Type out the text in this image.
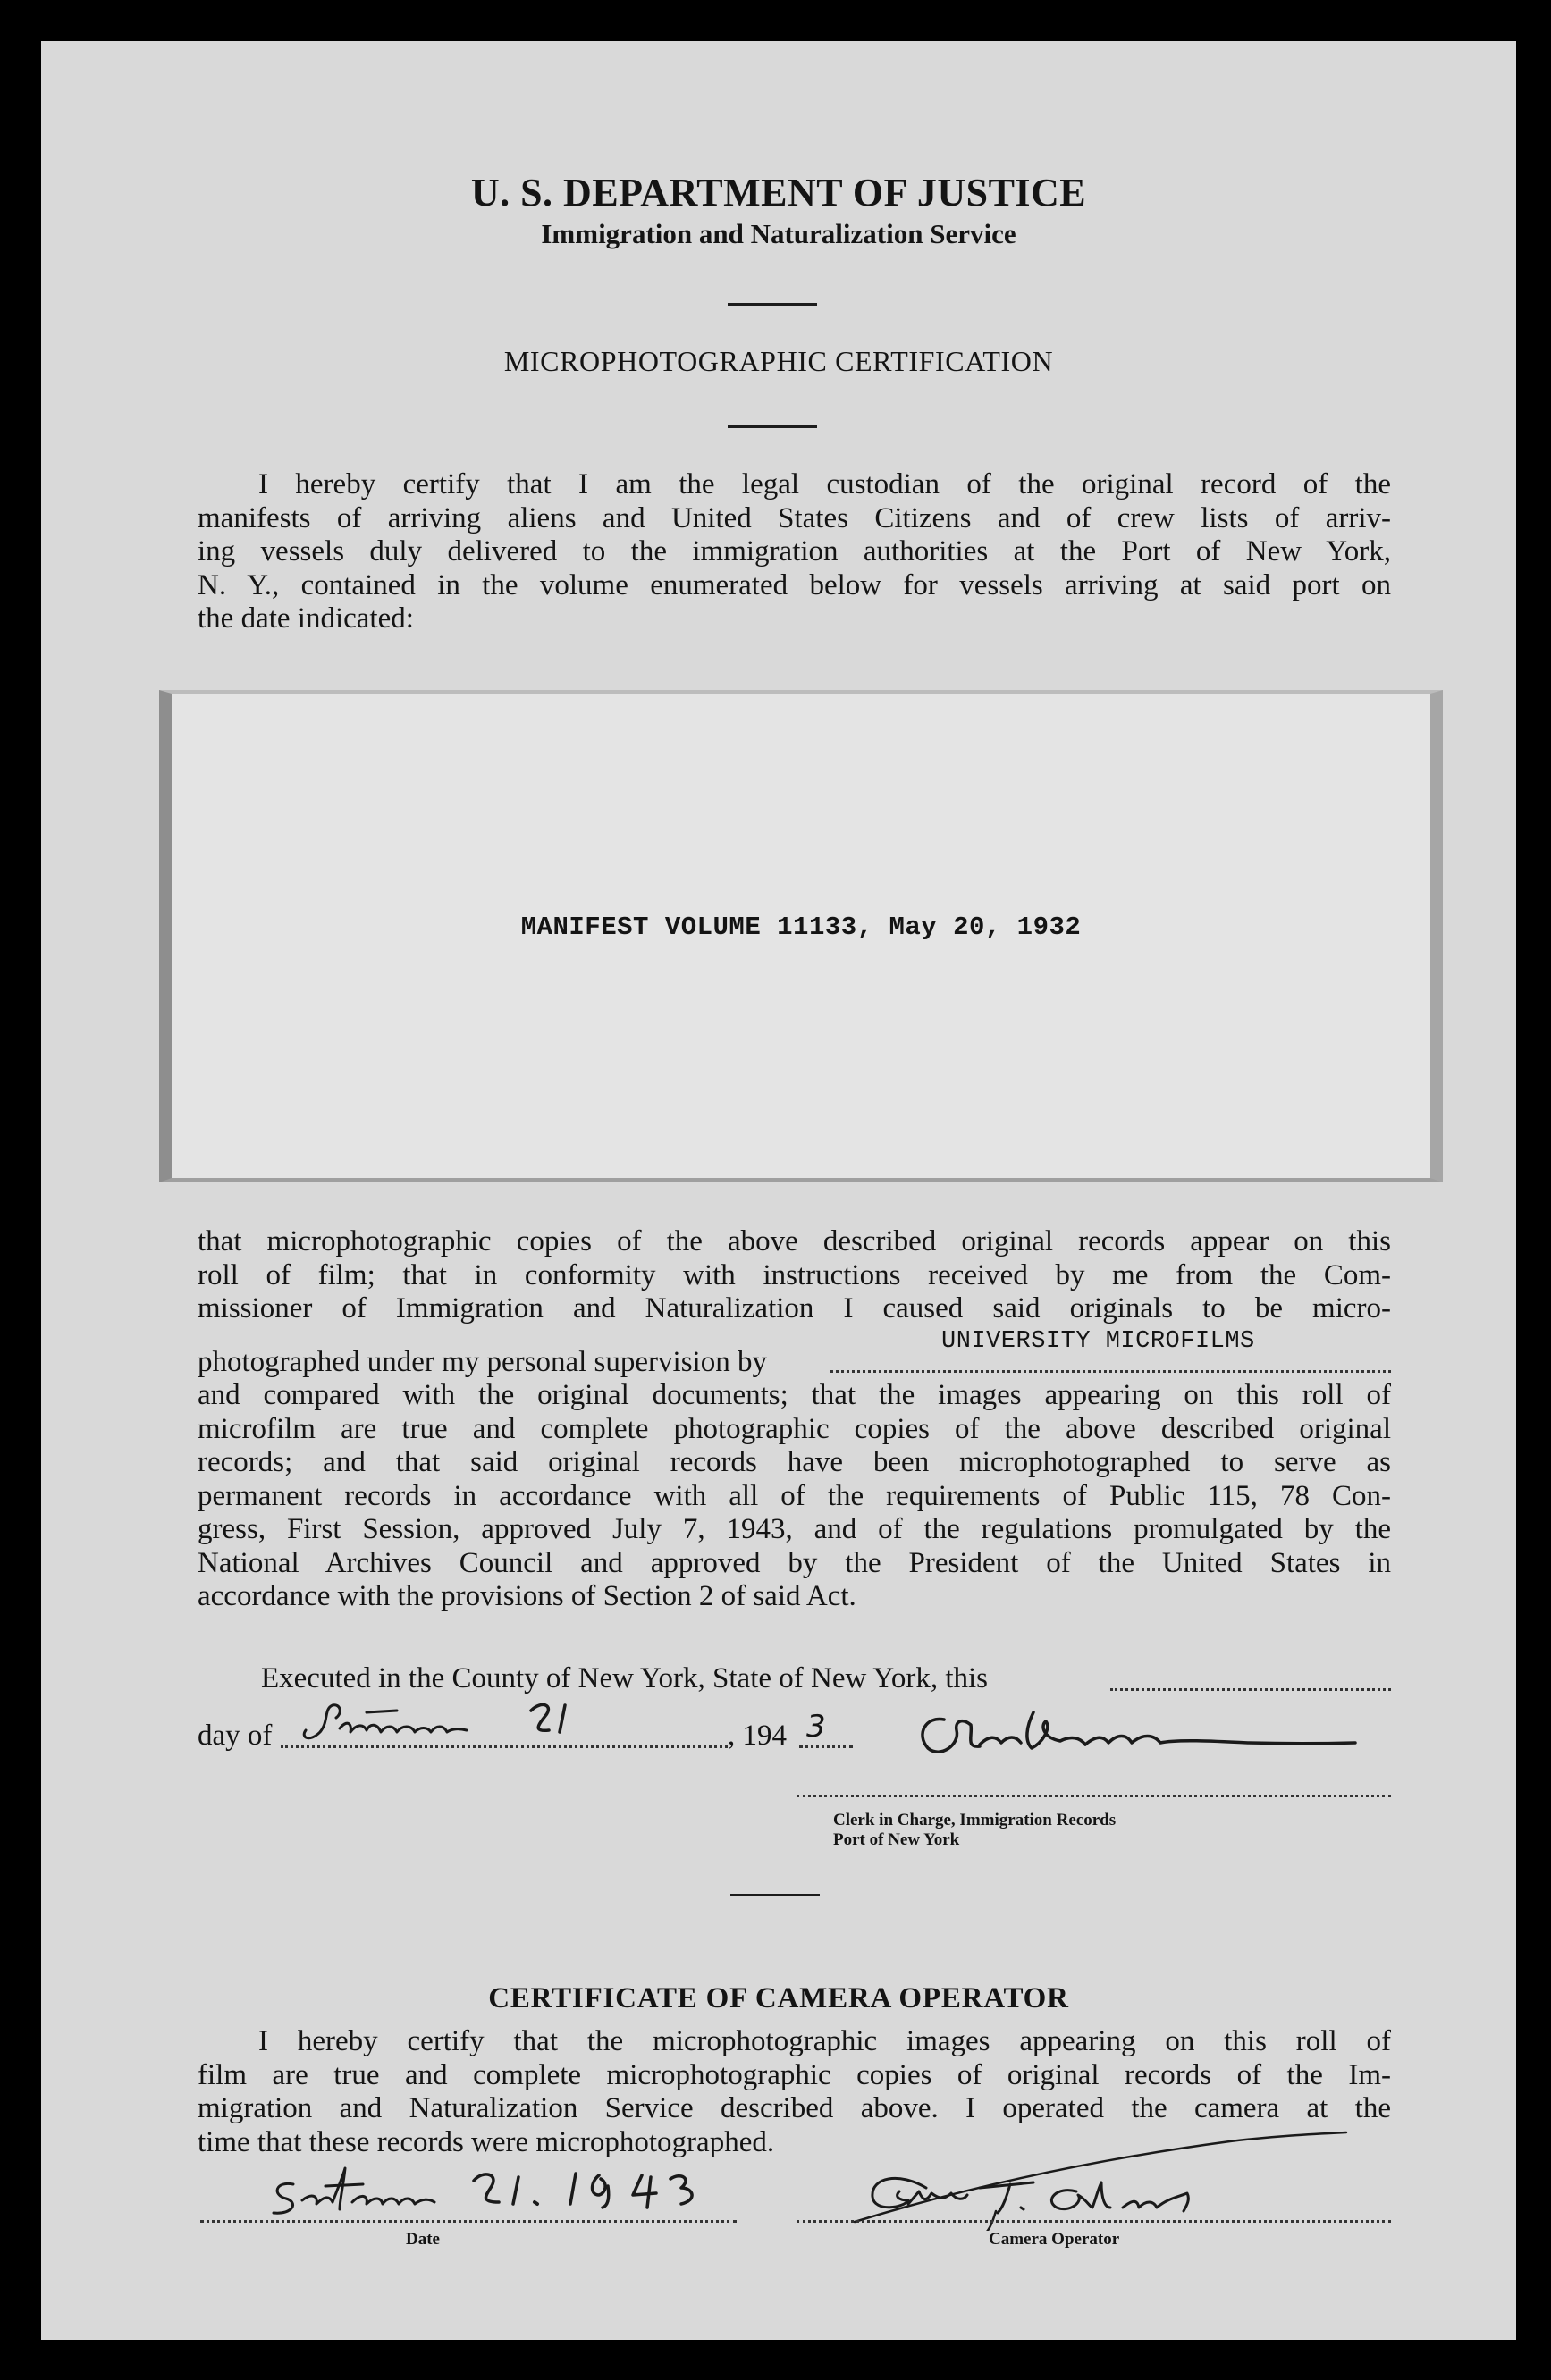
U. S. DEPARTMENT OF JUSTICE
Immigration and Naturalization Service
MICROPHOTOGRAPHIC CERTIFICATION
I hereby certify that I am the legal custodian of the original record of the
manifests of arriving aliens and United States Citizens and of crew lists of arriv-
ing vessels duly delivered to the immigration authorities at the Port of New York,
N. Y., contained in the volume enumerated below for vessels arriving at said port on
the date indicated:
MANIFEST VOLUME 11133, May 20, 1932
that microphotographic copies of the above described original records appear on this
roll of film; that in conformity with instructions received by me from the Com-
missioner of Immigration and Naturalization I caused said originals to be micro-
photographed under my personal supervision by
UNIVERSITY MICROFILMS
and compared with the original documents; that the images appearing on this roll of
microfilm are true and complete photographic copies of the above described original
records; and that said original records have been microphotographed to serve as
permanent records in accordance with all of the requirements of Public 115, 78 Con-
gress, First Session, approved July 7, 1943, and of the regulations promulgated by the
National Archives Council and approved by the President of the United States in
accordance with the provisions of Section 2 of said Act.
Executed in the County of New York, State of New York, this
day of	, 194 3
Clerk in Charge, Immigration Records
Port of New York
CERTIFICATE OF CAMERA OPERATOR
I hereby certify that the microphotographic images appearing on this roll of
film are true and complete microphotographic copies of original records of the Im-
migration and Naturalization Service described above. I operated the camera at the
time that these records were microphotographed.
Date	Camera Operator
